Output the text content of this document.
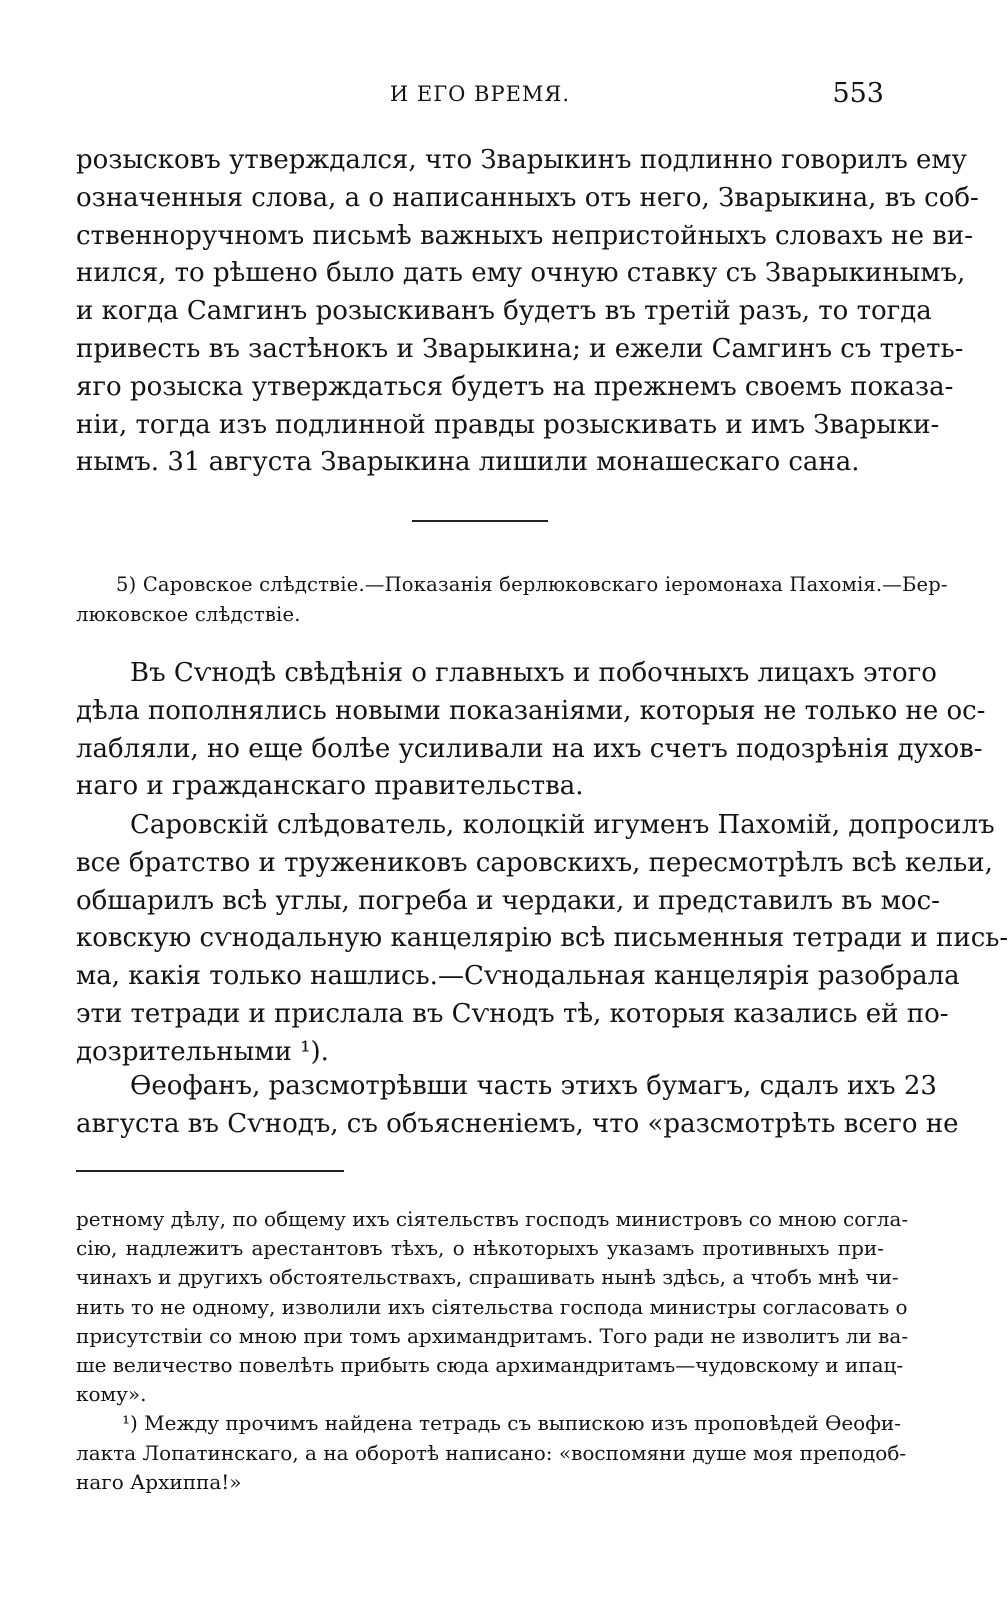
И ЕГО ВРЕМЯ.	553
розысковъ утверждался, что Зварыкинъ подлинно говорилъ ему
означенныя слова, а о написанныхъ отъ него, Зварыкина, въ соб-
ственноручномъ письмѣ важныхъ непристойныхъ словахъ не ви-
нился, то рѣшено было дать ему очную ставку съ Зварыкинымъ,
и когда Самгинъ розыскиванъ будетъ въ третій разъ, то тогда
привесть въ застѣнокъ и Зварыкина; и ежели Самгинъ съ треть-
яго розыска утверждаться будетъ на прежнемъ своемъ показа-
ніи, тогда изъ подлинной правды розыскивать и имъ Зварыки-
нымъ. 31 августа Зварыкина лишили монашескаго сана.
5) Саровское слѣдствіе.—Показанія берлюковскаго іеромонаха Пахомія.—Бер-
люковское слѣдствіе.
Въ Сѵнодѣ свѣдѣнія о главныхъ и побочныхъ лицахъ этого
дѣла пополнялись новыми показаніями, которыя не только не ос-
лабляли, но еще болѣе усиливали на ихъ счетъ подозрѣнія духов-
наго и гражданскаго правительства.
Саровскій слѣдователь, колоцкій игуменъ Пахомій, допросилъ
все братство и тружениковъ саровскихъ, пересмотрѣлъ всѣ кельи,
обшарилъ всѣ углы, погреба и чердаки, и представилъ въ мос-
ковскую сѵнодальную канцелярію всѣ письменныя тетради и пись-
ма, какія только нашлись.—Сѵнодальная канцелярія разобрала
эти тетради и прислала въ Сѵнодъ тѣ, которыя казались ей по-
дозрительными ¹).
Ѳеофанъ, разсмотрѣвши часть этихъ бумагъ, сдалъ ихъ 23
августа въ Сѵнодъ, съ объясненіемъ, что «разсмотрѣть всего не
ретному дѣлу, по общему ихъ сіятельствъ господъ министровъ со мною согла-
сію, надлежитъ арестантовъ тѣхъ, о нѣкоторыхъ указамъ противныхъ при-
чинахъ и другихъ обстоятельствахъ, спрашивать нынѣ здѣсь, а чтобъ мнѣ чи-
нить то не одному, изволили ихъ сіятельства господа министры согласовать о
присутствіи со мною при томъ архимандритамъ. Того ради не изволитъ ли ва-
ше величество повелѣть прибыть сюда архимандритамъ—чудовскому и ипац-
кому».
¹) Между прочимъ найдена тетрадь съ выпискою изъ проповѣдей Ѳеофи-
лакта Лопатинскаго, а на оборотѣ написано: «воспомяни душе моя преподоб-
наго Архиппа!»
